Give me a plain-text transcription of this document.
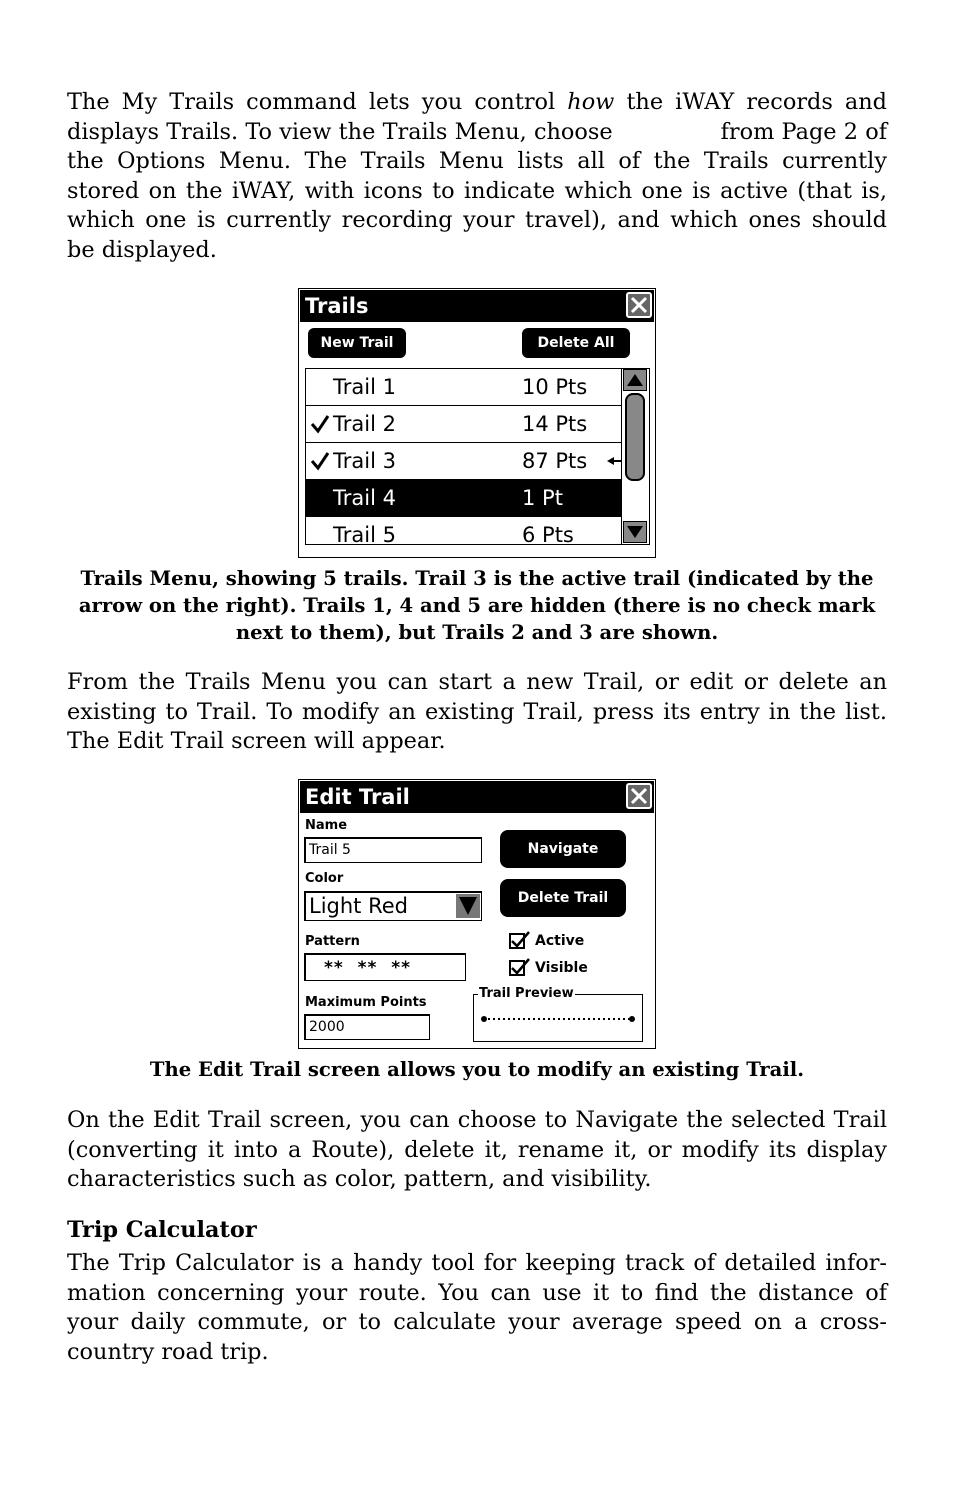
The My Trails command lets you control how the iWAY records and displays Trails. To view the Trails Menu, choose	from Page 2 of the Options Menu. The Trails Menu lists all of the Trails currently stored on the iWAY, with icons to indicate which one is active (that is, which one is currently recording your travel), and which ones should be displayed.

Trails
New Trail	Delete All
Trail 1	10 Pts
Trail 2	14 Pts
Trail 3	87 Pts
Trail 4	1 Pt
Trail 5	6 Pts

Trails Menu, showing 5 trails. Trail 3 is the active trail (indicated by the arrow on the right). Trails 1, 4 and 5 are hidden (there is no check mark next to them), but Trails 2 and 3 are shown.

From the Trails Menu you can start a new Trail, or edit or delete an existing to Trail. To modify an existing Trail, press its entry in the list. The Edit Trail screen will appear.

Edit Trail
Name
Trail 5
Color
Light Red
Pattern
**  **  **
Maximum Points
2000
Navigate
Delete Trail
Active
Visible
Trail Preview

The Edit Trail screen allows you to modify an existing Trail.

On the Edit Trail screen, you can choose to Navigate the selected Trail (converting it into a Route), delete it, rename it, or modify its display characteristics such as color, pattern, and visibility.

Trip Calculator

The Trip Calculator is a handy tool for keeping track of detailed infor-mation concerning your route. You can use it to find the distance of your daily commute, or to calculate your average speed on a cross-country road trip.
